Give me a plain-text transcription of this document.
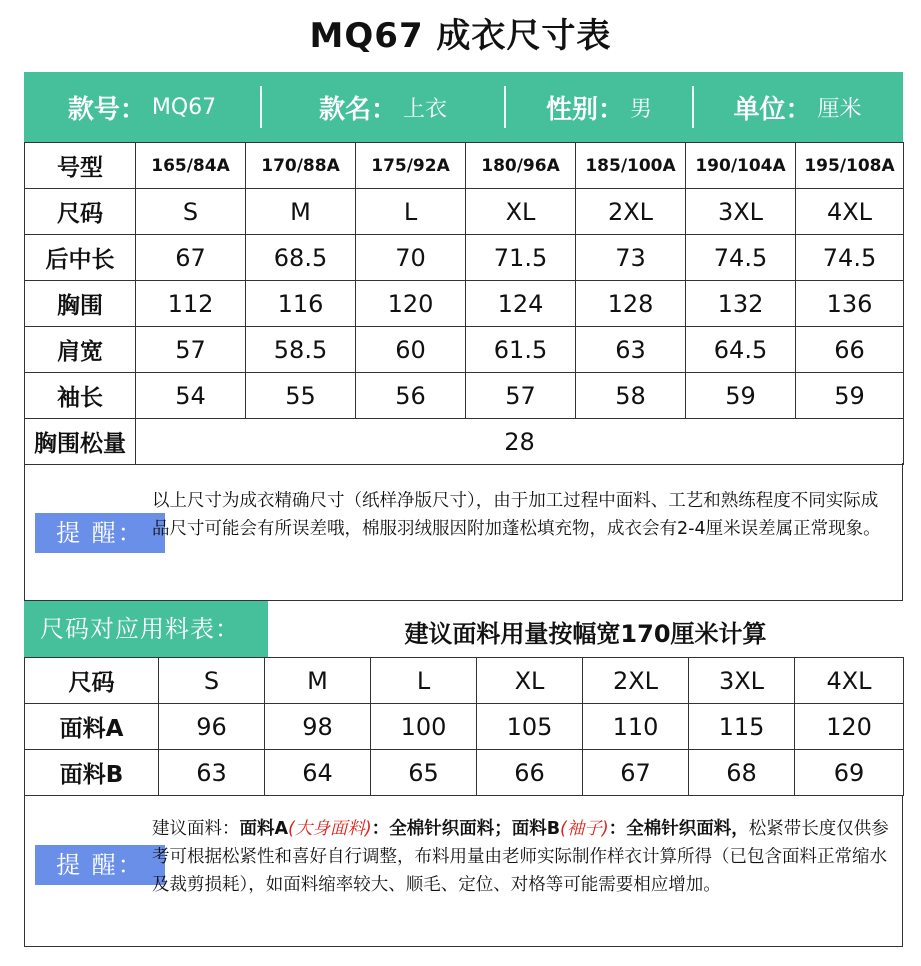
MQ67 成衣尺寸表
款号： MQ67	款名： 上衣	性别： 男	单位： 厘米
号型	165/84A	170/88A	175/92A	180/96A	185/100A	190/104A	195/108A
尺码	S	M	L	XL	2XL	3XL	4XL
后中长	67	68.5	70	71.5	73	74.5	74.5
胸围	112	116	120	124	128	132	136
肩宽	57	58.5	60	61.5	63	64.5	66
袖长	54	55	56	57	58	59	59
胸围松量	28						
提 醒：
以上尺寸为成衣精确尺寸（纸样净版尺寸），由于加工过程中面料、工艺和熟练程度不同实际成品尺寸可能会有所误差哦，棉服羽绒服因附加蓬松填充物，成衣会有2-4厘米误差属正常现象。
尺码对应用料表：	建议面料用量按幅宽170厘米计算
尺码	S	M	L	XL	2XL	3XL	4XL
面料A	96	98	100	105	110	115	120
面料B	63	64	65	66	67	68	69
提 醒：
建议面料：面料A(大身面料)：全棉针织面料；面料B(袖子)：全棉针织面料，松紧带长度仅供参考可根据松紧性和喜好自行调整，布料用量由老师实际制作样衣计算所得（已包含面料正常缩水及裁剪损耗），如面料缩率较大、顺毛、定位、对格等可能需要相应增加。
